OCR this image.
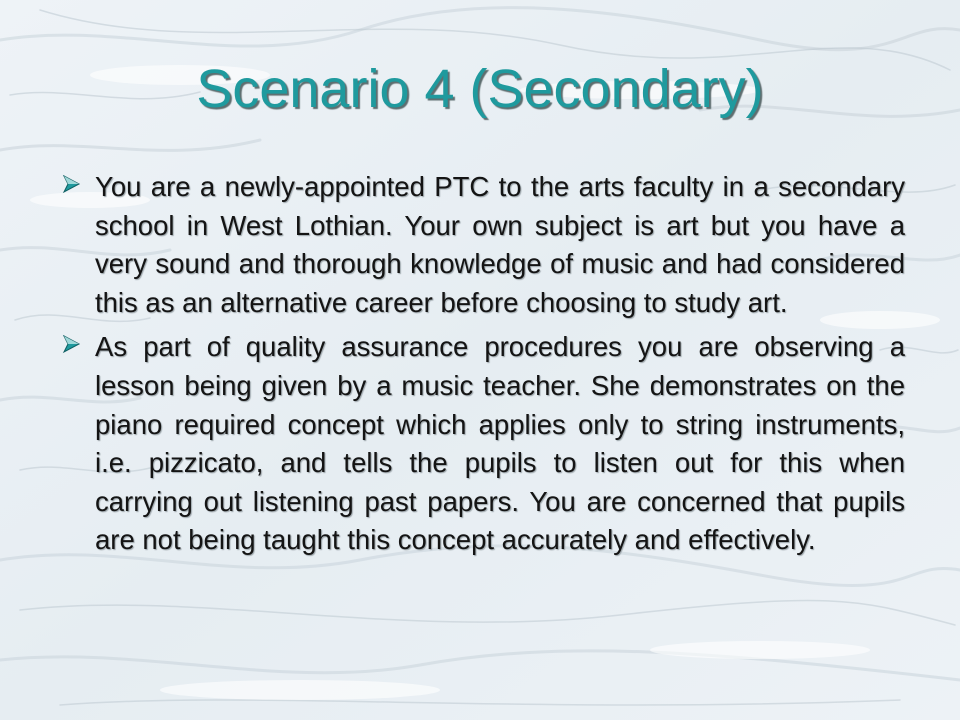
Scenario 4 (Secondary)
You are a newly-appointed PTC to the arts faculty in a secondary school in West Lothian. Your own subject is art but you have a very sound and thorough knowledge of music and had considered this as an alternative career before choosing to study art.
As part of quality assurance procedures you are observing a lesson being given by a music teacher. She demonstrates on the piano required concept which applies only to string instruments, i.e. pizzicato, and tells the pupils to listen out for this when carrying out listening past papers. You are concerned that pupils are not being taught this concept accurately and effectively.
